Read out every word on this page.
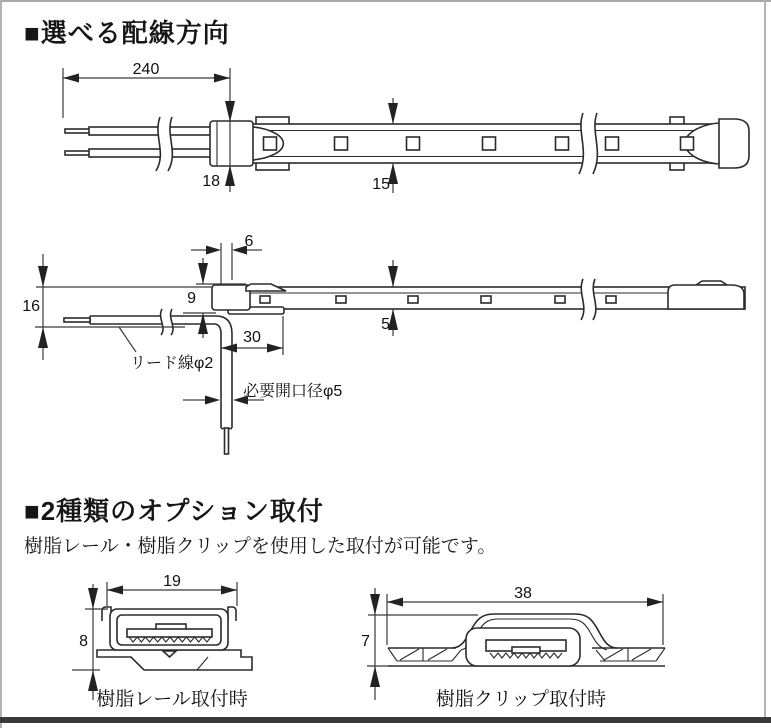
■選べる配線方向
■2種類のオプション取付
樹脂レール・樹脂クリップを使用した取付が可能です。
240
18	15
16	9
6
30
5
リード線φ2
必要開口径φ5
19
8
樹脂レール取付時
38
7
樹脂クリップ取付時
